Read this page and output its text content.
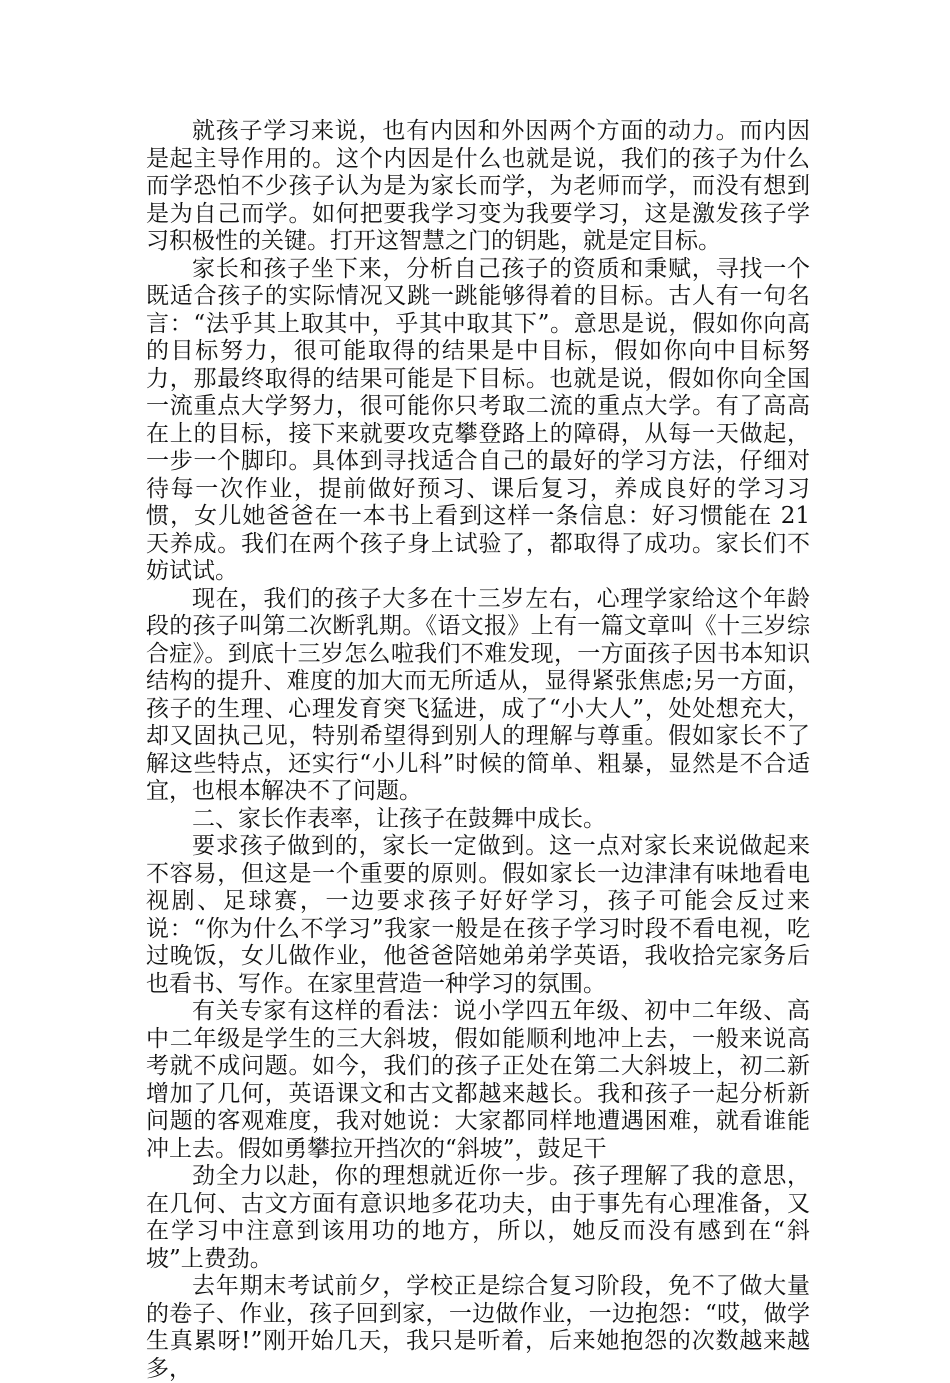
就孩子学习来说，也有内因和外因两个方面的动力。而内因是起主导作用的。这个内因是什么也就是说，我们的孩子为什么而学恐怕不少孩子认为是为家长而学，为老师而学，而没有想到是为自己而学。如何把要我学习变为我要学习，这是激发孩子学习积极性的关键。打开这智慧之门的钥匙，就是定目标。

家长和孩子坐下来，分析自己孩子的资质和秉赋，寻找一个既适合孩子的实际情况又跳一跳能够得着的目标。古人有一句名言：“法乎其上取其中，乎其中取其下”。意思是说，假如你向高的目标努力，很可能取得的结果是中目标，假如你向中目标努力，那最终取得的结果可能是下目标。也就是说，假如你向全国一流重点大学努力，很可能你只考取二流的重点大学。有了高高在上的目标，接下来就要攻克攀登路上的障碍，从每一天做起，一步一个脚印。具体到寻找适合自己的最好的学习方法，仔细对待每一次作业，提前做好预习、课后复习，养成良好的学习习惯，女儿她爸爸在一本书上看到这样一条信息：好习惯能在 21 天养成。我们在两个孩子身上试验了，都取得了成功。家长们不妨试试。

现在，我们的孩子大多在十三岁左右，心理学家给这个年龄段的孩子叫第二次断乳期。《语文报》上有一篇文章叫《十三岁综合症》。到底十三岁怎么啦我们不难发现，一方面孩子因书本知识结构的提升、难度的加大而无所适从，显得紧张焦虑;另一方面，孩子的生理、心理发育突飞猛进，成了“小大人”，处处想充大，却又固执己见，特别希望得到别人的理解与尊重。假如家长不了解这些特点，还实行“小儿科”时候的简单、粗暴，显然是不合适宜，也根本解决不了问题。

二、家长作表率，让孩子在鼓舞中成长。

要求孩子做到的，家长一定做到。这一点对家长来说做起来不容易，但这是一个重要的原则。假如家长一边津津有味地看电视剧、足球赛，一边要求孩子好好学习，孩子可能会反过来说：“你为什么不学习”我家一般是在孩子学习时段不看电视，吃过晚饭，女儿做作业，他爸爸陪她弟弟学英语，我收拾完家务后也看书、写作。在家里营造一种学习的氛围。

有关专家有这样的看法：说小学四五年级、初中二年级、高中二年级是学生的三大斜坡，假如能顺利地冲上去，一般来说高考就不成问题。如今，我们的孩子正处在第二大斜坡上，初二新增加了几何，英语课文和古文都越来越长。我和孩子一起分析新问题的客观难度，我对她说：大家都同样地遭遇困难，就看谁能冲上去。假如勇攀拉开挡次的“斜坡”，鼓足干

劲全力以赴，你的理想就近你一步。孩子理解了我的意思，在几何、古文方面有意识地多花功夫，由于事先有心理准备，又在学习中注意到该用功的地方，所以，她反而没有感到在“斜坡”上费劲。

去年期末考试前夕，学校正是综合复习阶段，免不了做大量的卷子、作业，孩子回到家，一边做作业，一边抱怨：“哎，做学生真累呀!”刚开始几天，我只是听着，后来她抱怨的次数越来越多，
